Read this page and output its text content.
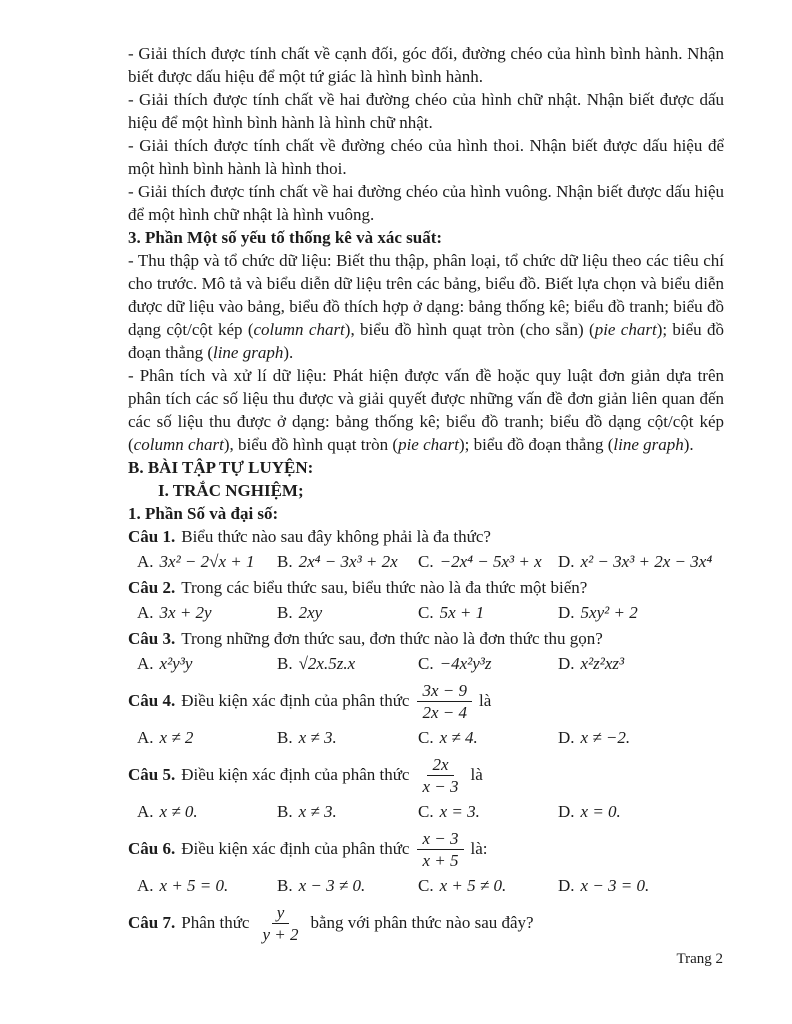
- Giải thích được tính chất về cạnh đối, góc đối, đường chéo của hình bình hành. Nhận biết được dấu hiệu để một tứ giác là hình bình hành.

- Giải thích được tính chất về hai đường chéo của hình chữ nhật. Nhận biết được dấu hiệu để một hình bình hành là hình chữ nhật.

- Giải thích được tính chất về đường chéo của hình thoi. Nhận biết được dấu hiệu để một hình bình hành là hình thoi.

- Giải thích được tính chất về hai đường chéo của hình vuông. Nhận biết được dấu hiệu để một hình chữ nhật là hình vuông.

3. Phần Một số yếu tố thống kê và xác suất:

- Thu thập và tổ chức dữ liệu: Biết thu thập, phân loại, tổ chức dữ liệu theo các tiêu chí cho trước. Mô tả và biểu diễn dữ liệu trên các bảng, biểu đồ. Biết lựa chọn và biểu diễn được dữ liệu vào bảng, biểu đồ thích hợp ở dạng: bảng thống kê; biểu đồ tranh; biểu đồ dạng cột/cột kép (column chart), biểu đồ hình quạt tròn (cho sẵn) (pie chart); biểu đồ đoạn thẳng (line graph).

- Phân tích và xử lí dữ liệu: Phát hiện được vấn đề hoặc quy luật đơn giản dựa trên phân tích các số liệu thu được và giải quyết được những vấn đề đơn giản liên quan đến các số liệu thu được ở dạng: bảng thống kê; biểu đồ tranh; biểu đồ dạng cột/cột kép (column chart), biểu đồ hình quạt tròn (pie chart); biểu đồ đoạn thẳng (line graph).

B. BÀI TẬP TỰ LUYỆN:

I. TRẮC NGHIỆM;

1. Phần Số và đại số:

Câu 1. Biểu thức nào sau đây không phải là đa thức?

A. 3x² − 2√x + 1	B. 2x⁴ − 3x³ + 2x	C. −2x⁴ − 5x³ + x D. x² − 3x³ + 2x − 3x⁴

Câu 2. Trong các biểu thức sau, biểu thức nào là đa thức một biến?

A. 3x + 2y	B. 2xy	C. 5x + 1	D. 5xy² + 2

Câu 3. Trong những đơn thức sau, đơn thức nào là đơn thức thu gọn?

A. x²y³y	B. √2x.5z.x	C. −4x²y³z	D. x²z²xz³
Câu 4. Điều kiện xác định của phân thức $\frac{3x - 9}{2x - 4}$ là
A. x ≠ 2	B. x ≠ 3.	C. x ≠ 4.	D. x ≠ −2.
Câu 5. Điều kiện xác định của phân thức $\frac{2x}{x - 3}$ là
A. x ≠ 0.	B. x ≠ 3.	C. x = 3.	D. x = 0.
Câu 6. Điều kiện xác định của phân thức $\frac{x - 3}{x + 5}$ là:
A. x + 5 = 0.	B. x − 3 ≠ 0.	C. x + 5 ≠ 0.	D. x − 3 = 0.
Câu 7. Phân thức $\frac{y}{y + 2}$ bằng với phân thức nào sau đây?
Trang 2
